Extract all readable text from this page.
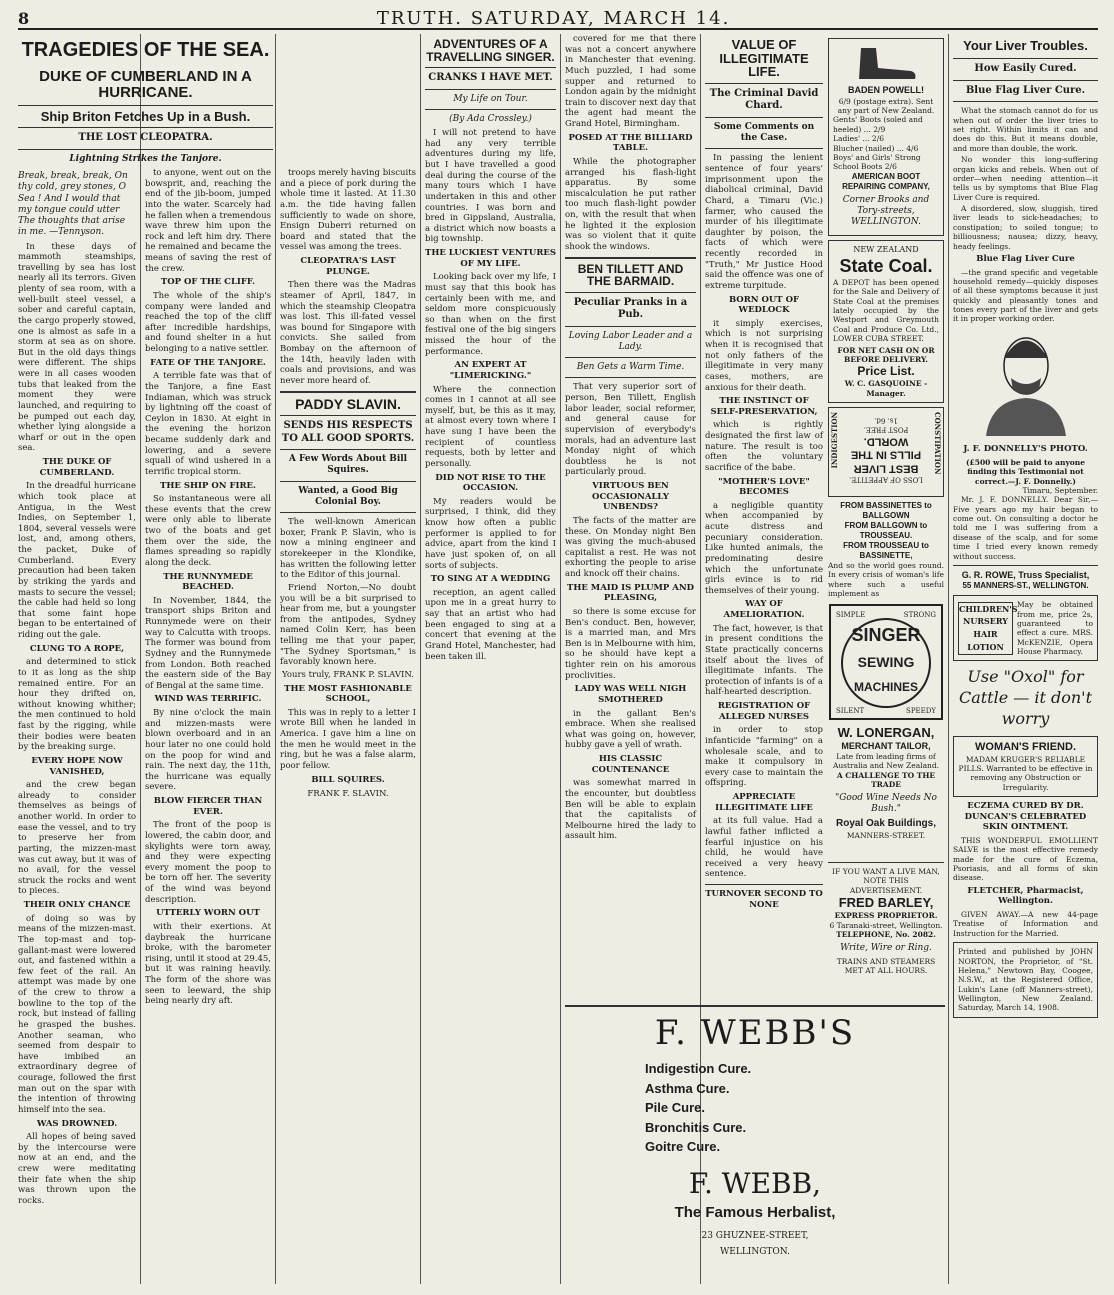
8	TRUTH. SATURDAY, MARCH 14.
TRAGEDIES OF THE SEA.
DUKE OF CUMBERLAND IN A HURRICANE.
Ship Briton Fetches Up in a Bush.
THE LOST CLEOPATRA.
Lightning Strikes the Tanjore.

Break, break, break, On thy cold, grey stones, O Sea ! And I would that my tongue could utter The thoughts that arise in me. —Tennyson.

In these days of mammoth steamships, travelling by sea has lost nearly all its terrors. Given plenty of sea room, with a well-built steel vessel, a sober and careful captain, the cargo properly stowed, one is almost as safe in a storm at sea as on shore. But in the old days things were different. The ships were in all cases wooden tubs that leaked from the moment they were launched, and requiring to be pumped out each day, whether lying alongside a wharf or out in the open sea.

THE DUKE OF CUMBERLAND.

In the dreadful hurricane which took place at Antigua, in the West Indies, on September 1, 1804, several vessels were lost, and, among others, the packet, Duke of Cumberland. Every precaution had been taken by striking the yards and masts to secure the vessel; the cable had held so long that some faint hope began to be entertained of riding out the gale.

CLUNG TO A ROPE,

and determined to stick to it as long as the ship remained entire. For an hour they drifted on, without knowing whither; the men continued to hold fast by the rigging, while their bodies were beaten by the breaking surge.

EVERY HOPE NOW VANISHED,

and the crew began already to consider themselves as beings of another world. In order to ease the vessel, and to try to preserve her from parting, the mizzen-mast was cut away, but it was of no avail, for the vessel struck the rocks and went to pieces.

THEIR ONLY CHANCE

of doing so was by means of the mizzen-mast. The top-mast and top-gallant-mast were lowered out, and fastened within a few feet of the rail. An attempt was made by one of the crew to throw a bowline to the top of the rock, but instead of falling he grasped the bushes. Another seaman, who seemed from despair to have imbibed an extraordinary degree of courage, followed the first man out on the spar with the intention of throwing himself into the sea.

WAS DROWNED.

All hopes of being saved by the intercourse were now at an end, and the crew were meditating their fate when the ship was thrown upon the rocks.

to anyone, went out on the bowsprit, and, reaching the end of the jib-boom, jumped into the water. Scarcely had he fallen when a tremendous wave threw him upon the rock and left him dry. There he remained and became the means of saving the rest of the crew.

TOP OF THE CLIFF.

The whole of the ship's company were landed and reached the top of the cliff after incredible hardships, and found shelter in a hut belonging to a native settler.

FATE OF THE TANJORE.

A terrible fate was that of the Tanjore, a fine East Indiaman, which was struck by lightning off the coast of Ceylon in 1830. At eight in the evening the horizon became suddenly dark and lowering, and a severe squall of wind ushered in a terrific tropical storm.

THE SHIP ON FIRE.

So instantaneous were all these events that the crew were only able to liberate two of the boats and get them over the side, the flames spreading so rapidly along the deck.

THE RUNNYMEDE BEACHED.

In November, 1844, the transport ships Briton and Runnymede were on their way to Calcutta with troops. The former was bound from Sydney and the Runnymede from London. Both reached the eastern side of the Bay of Bengal at the same time.

WIND WAS TERRIFIC.

By nine o'clock the main and mizzen-masts were blown overboard and in an hour later no one could hold on the poop for wind and rain. The next day, the 11th, the hurricane was equally severe.

BLOW FIERCER THAN EVER.

The front of the poop is lowered, the cabin door, and skylights were torn away, and they were expecting every moment the poop to be torn off her. The severity of the wind was beyond description.

UTTERLY WORN OUT

with their exertions. At daybreak the hurricane broke, with the barometer rising, until it stood at 29.45, but it was raining heavily. The form of the shore was seen to leeward, the ship being nearly dry aft.

troops merely having biscuits and a piece of pork during the whole time it lasted. At 11.30 a.m. the tide having fallen sufficiently to wade on shore, Ensign Duberri returned on board and stated that the vessel was among the trees.

CLEOPATRA'S LAST PLUNGE.

Then there was the Madras steamer of April, 1847, in which the steamship Cleopatra was lost. This ill-fated vessel was bound for Singapore with convicts. She sailed from Bombay on the afternoon of the 14th, heavily laden with coals and provisions, and was never more heard of.

PADDY SLAVIN.
SENDS HIS RESPECTS TO ALL GOOD SPORTS.
A Few Words About Bill Squires.
Wanted, a Good Big Colonial Boy.

The well-known American boxer, Frank P. Slavin, who is now a mining engineer and storekeeper in the Klondike, has written the following letter to the Editor of this journal.

Friend Norton,—No doubt you will be a bit surprised to hear from me, but a youngster from the antipodes, Sydney named Colin Kerr, has been telling me that your paper, "The Sydney Sportsman," is favorably known here.

Yours truly, FRANK P. SLAVIN.

THE MOST FASHIONABLE SCHOOL,

This was in reply to a letter I wrote Bill when he landed in America. I gave him a line on the men he would meet in the ring, but he was a false alarm, poor fellow.

BILL SQUIRES.

FRANK F. SLAVIN.

ADVENTURES OF A TRAVELLING SINGER.
CRANKS I HAVE MET.
My Life on Tour.
(By Ada Crossley.)

I will not pretend to have had any very terrible adventures during my life, but I have travelled a good deal during the course of the many tours which I have undertaken in this and other countries. I was born and bred in Gippsland, Australia, a district which now boasts a big township.

THE LUCKIEST VENTURES OF MY LIFE.

Looking back over my life, I must say that this book has certainly been with me, and seldom more conspicuously so than when on the first festival one of the big singers missed the hour of the performance.

AN EXPERT AT "LIMERICKING."

Where the connection comes in I cannot at all see myself, but, be this as it may, at almost every town where I have sung I have been the recipient of countless requests, both by letter and personally.

DID NOT RISE TO THE OCCASION.

My readers would be surprised, I think, did they know how often a public performer is applied to for advice, apart from the kind I have just spoken of, on all sorts of subjects.

TO SING AT A WEDDING

reception, an agent called upon me in a great hurry to say that an artist who had been engaged to sing at a concert that evening at the Grand Hotel, Manchester, had been taken ill.

covered for me that there was not a concert anywhere in Manchester that evening. Much puzzled, I had some supper and returned to London again by the midnight train to discover next day that the agent had meant the Grand Hotel, Birmingham.

POSED AT THE BILLIARD TABLE.

While the photographer arranged his flash-light apparatus. By some miscalculation he put rather too much flash-light powder on, with the result that when he lighted it the explosion was so violent that it quite shook the windows.

BEN TILLETT AND THE BARMAID.
Peculiar Pranks in a Pub.
Loving Labor Leader and a Lady.
Ben Gets a Warm Time.

That very superior sort of person, Ben Tillett, English labor leader, social reformer, and general cause for supervision of everybody's morals, had an adventure last Monday night of which doubtless he is not particularly proud.

VIRTUOUS BEN OCCASIONALLY UNBENDS?

The facts of the matter are these. On Monday night Ben was giving the much-abused capitalist a rest. He was not exhorting the people to arise and knock off their chains.

THE MAID IS PLUMP AND PLEASING,

so there is some excuse for Ben's conduct. Ben, however, is a married man, and Mrs Ben is in Melbourne with him, so he should have kept a tighter rein on his amorous proclivities.

LADY WAS WELL NIGH SMOTHERED

in the gallant Ben's embrace. When she realised what was going on, however, hubby gave a yell of wrath.

HIS CLASSIC COUNTENANCE

was somewhat marred in the encounter, but doubtless Ben will be able to explain that the capitalists of Melbourne hired the lady to assault him.

VALUE OF ILLEGITIMATE LIFE.
The Criminal David Chard.
Some Comments on the Case.

In passing the lenient sentence of four years' imprisonment upon the diabolical criminal, David Chard, a Timaru (Vic.) farmer, who caused the murder of his illegitimate daughter by poison, the facts of which were recently recorded in "Truth," Mr Justice Hood said the offence was one of extreme turpitude.

BORN OUT OF WEDLOCK

it simply exercises, which is not surprising when it is recognised that not only fathers of the illegitimate in very many cases, mothers, are anxious for their death.

THE INSTINCT OF SELF-PRESERVATION,

which is rightly designated the first law of nature. The result is too often the voluntary sacrifice of the babe.

"MOTHER'S LOVE" BECOMES

a negligible quantity when accompanied by acute distress and pecuniary consideration. Like hunted animals, the predominating desire which the unfortunate girls evince is to rid themselves of their young.

WAY OF AMELIORATION.

The fact, however, is that in present conditions the State practically concerns itself about the lives of illegitimate infants. The protection of infants is of a half-hearted description.

REGISTRATION OF ALLEGED NURSES

in order to stop infanticide "farming" on a wholesale scale, and to make it compulsory in every case to maintain the offspring.

APPRECIATE ILLEGITIMATE LIFE

at its full value. Had a lawful father inflicted a fearful injustice on his child, he would have received a very heavy sentence.

TURNOVER SECOND TO NONE

BADEN POWELL!
6/9 (postage extra). Sent any part of New Zealand.
Gents' Boots (soled and heeled) ... 2/9
Ladies' ... 2/6
Blucher (nailed) ... 4/6
Boys' and Girls' Strong School Boots 2/6
AMERICAN BOOT REPAIRING COMPANY,
Corner Brooks and Tory-streets, WELLINGTON.
NEW ZEALAND
State Coal.
A DEPOT has been opened for the Sale and Delivery of State Coal at the premises lately occupied by the Westport and Greymouth Coal and Produce Co. Ltd., LOWER CUBA STREET.
FOR NET CASH ON OR BEFORE DELIVERY.
Price List.
W. C. GASQUOINE - Manager.
INDIGESTION	CONSTIPATION
LOSS OF APPETITE.
BEST LIVER PILLS IN THE WORLD.
POST FREE.
1s. 6d.
FROM BASSINETTES to BALLGOWN
FROM BALLGOWN to TROUSSEAU.
FROM TROUSSEAU to BASSINETTE,
And so the world goes round. In every crisis of woman's life where such a useful implement as
SINGER
SEWING
MACHINES
SIMPLE	STRONG
SILENT	SPEEDY
W. LONERGAN,
MERCHANT TAILOR,
Late from leading firms of Australia and New Zealand.
A CHALLENGE TO THE TRADE
"Good Wine Needs No Bush."
Royal Oak Buildings,
MANNERS-STREET.
IF YOU WANT A LIVE MAN, NOTE THIS ADVERTISEMENT.
FRED BARLEY,
EXPRESS PROPRIETOR.
6 Taranaki-street, Wellington.
TELEPHONE, No. 2082.
Write, Wire or Ring.
TRAINS AND STEAMERS MET AT ALL HOURS.
F. WEBB'S
Indigestion Cure.
Asthma Cure.
Pile Cure.
Bronchitis Cure.
Goitre Cure.
F. WEBB,
The Famous Herbalist,
23 GHUZNEE-STREET,
WELLINGTON.
Your Liver Troubles.
How Easily Cured.
Blue Flag Liver Cure.

What the stomach cannot do for us when out of order the liver tries to set right. Within limits it can and does do this. But it means double, and more than double, the work.

No wonder this long-suffering organ kicks and rebels. When out of order—when needing attention—it tells us by symptoms that Blue Flag Liver Cure is required.

A disordered, slow, sluggish, tired liver leads to sick-headaches; to constipation; to soiled tongue; to billiousness; nausea; dizzy, heavy, heady feelings.

Blue Flag Liver Cure

—the grand specific and vegetable household remedy—quickly disposes of all these symptoms because it just quickly and pleasantly tones and tones every part of the liver and gets it in proper working order.

J. F. DONNELLY'S PHOTO.
(£500 will be paid to anyone finding this Testimonial not correct.—J. F. Donnelly.)
Timaru, September.

Mr. J. F. DONNELLY. Dear Sir,—Five years ago my hair began to come out. On consulting a doctor he told me I was suffering from a disease of the scalp, and for some time I tried every known remedy without success.

G. R. ROWE, Truss Specialist,
55 MANNERS-ST., WELLINGTON.
CHILDREN'S
NURSERY
HAIR
LOTION
May be obtained from me, price 2s, guaranteed to effect a cure. MRS. McKENZIE, Opera House Pharmacy.
Use "Oxol" for Cattle — it don't worry
WOMAN'S FRIEND.
MADAM KRUGER'S RELIABLE PILLS. Warranted to be effective in removing any Obstruction or Irregularity.
ECZEMA CURED BY DR. DUNCAN'S CELEBRATED SKIN OINTMENT.

THIS WONDERFUL EMOLLIENT SALVE is the most effective remedy made for the cure of Eczema, Psoriasis, and all forms of skin disease.

FLETCHER, Pharmacist, Wellington.

GIVEN AWAY.—A new 44-page Treatise of Information and Instruction for the Married.

Printed and published by JOHN NORTON, the Proprietor, of "St. Helena," Newtown Bay, Coogee, N.S.W., at the Registered Office, Lukin's Lane (off Manners-street), Wellington, New Zealand. Saturday, March 14, 1908.
